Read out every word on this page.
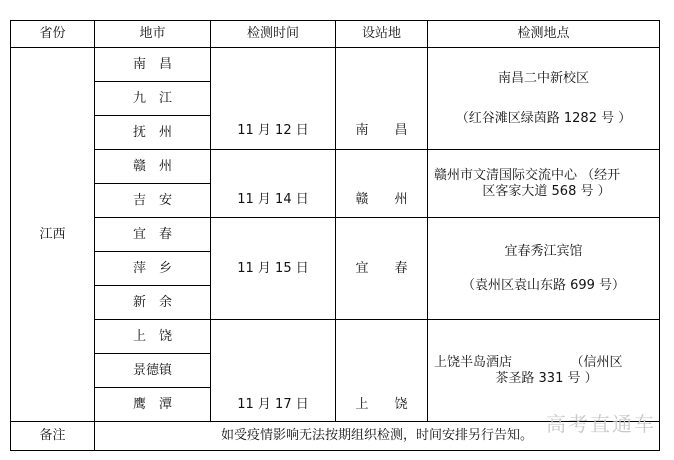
省份	地市	检测时间	设站地	检测地点
江西	南　昌	11 月 12 日	南　　昌	南昌二中新校区
（红谷滩区绿茵路 1282 号 ）

	九　江			
	抚　州			
	赣　州	11 月 14 日	赣　　州	赣州市文清国际交流中心 （经开
区客家大道 568 号 ）

	吉　安			
	宜　春	11 月 15 日	宜　　春	宜春秀江宾馆
（袁州区袁山东路 699 号）

	萍　乡			
	新　余			
	上　饶	11 月 17 日	上　　饶	上饶半岛酒店　　　　　（信州区
茶圣路 331 号 ）

	景德镇			
	鹰　潭			
备注	如受疫情影响无法按期组织检测，时间安排另行告知。			高考直通车
